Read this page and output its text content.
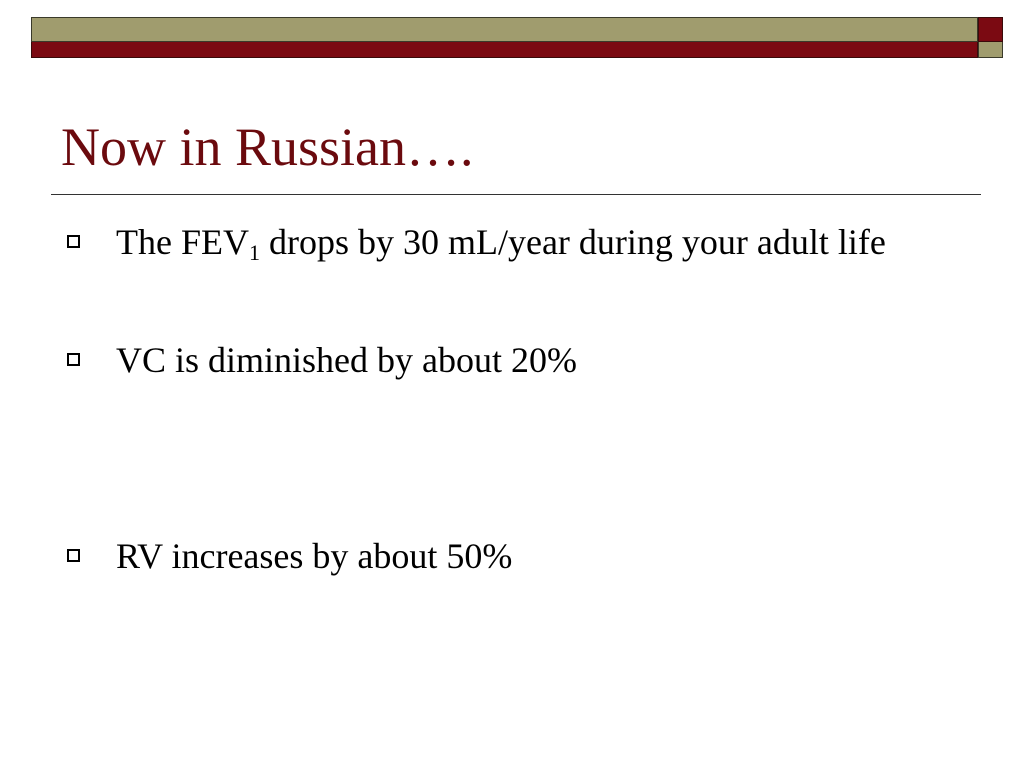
Now in Russian….
The $FEV_1$ drops by 30 mL/year during your adult life
VC is diminished by about 20%
RV increases by about 50%
